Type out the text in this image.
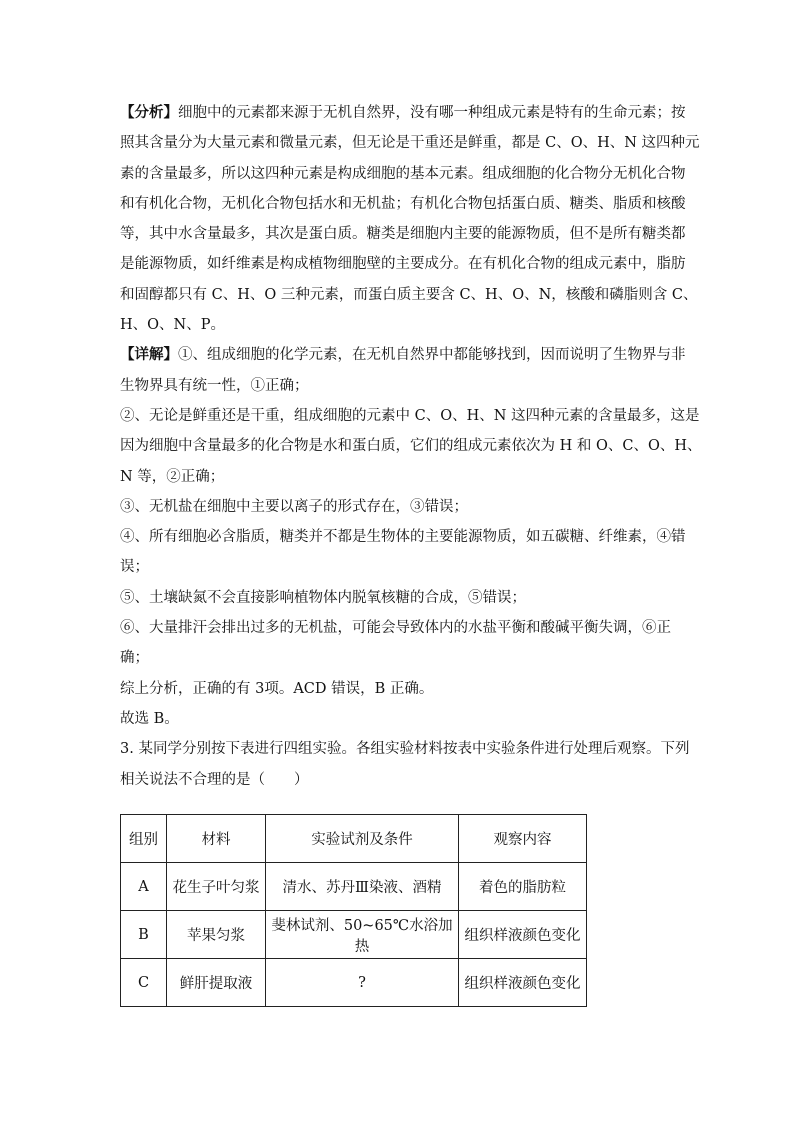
【分析】细胞中的元素都来源于无机自然界，没有哪一种组成元素是特有的生命元素；按
照其含量分为大量元素和微量元素，但无论是干重还是鲜重，都是 C、O、H、N 这四种元
素的含量最多，所以这四种元素是构成细胞的基本元素。组成细胞的化合物分无机化合物
和有机化合物，无机化合物包括水和无机盐；有机化合物包括蛋白质、糖类、脂质和核酸
等，其中水含量最多，其次是蛋白质。糖类是细胞内主要的能源物质，但不是所有糖类都
是能源物质，如纤维素是构成植物细胞壁的主要成分。在有机化合物的组成元素中，脂肪
和固醇都只有 C、H、O 三种元素，而蛋白质主要含 C、H、O、N，核酸和磷脂则含 C、
H、O、N、P。
【详解】①、组成细胞的化学元素，在无机自然界中都能够找到，因而说明了生物界与非
生物界具有统一性，①正确；
②、无论是鲜重还是干重，组成细胞的元素中 C、O、H、N 这四种元素的含量最多，这是
因为细胞中含量最多的化合物是水和蛋白质，它们的组成元素依次为 H 和 O、C、O、H、
N 等，②正确；
③、无机盐在细胞中主要以离子的形式存在，③错误；
④、所有细胞必含脂质，糖类并不都是生物体的主要能源物质，如五碳糖、纤维素，④错
误；
⑤、土壤缺氮不会直接影响植物体内脱氧核糖的合成，⑤错误；
⑥、大量排汗会排出过多的无机盐，可能会导致体内的水盐平衡和酸碱平衡失调，⑥正
确；
综上分析，正确的有 3项。ACD 错误，B 正确。
故选 B。
3. 某同学分别按下表进行四组实验。各组实验材料按表中实验条件进行处理后观察。下列
相关说法不合理的是（　　）
组别	材料	实验试剂及条件	观察内容
A	花生子叶匀浆	清水、苏丹Ⅲ染液、酒精	着色的脂肪粒
B	苹果匀浆	斐林试剂、50~65℃水浴加热	组织样液颜色变化
C	鲜肝提取液	?	组织样液颜色变化
